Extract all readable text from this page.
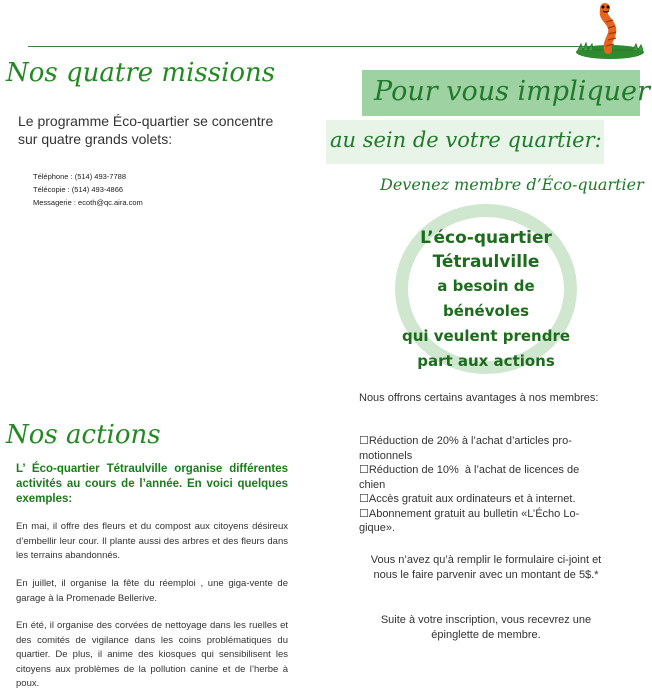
Nos quatre missions
Le programme Éco-quartier se concentre sur quatre grands volets:
Téléphone : (514) 493-7788
Télécopie : (514) 493-4866
Messagerie : ecoth@qc.aira.com
Nos actions
L’ Éco-quartier Tétraulville organise différentes activités au cours de l’année. En voici quelques exemples:
En mai, il offre des fleurs et du compost aux citoyens désireux d’embellir leur cour. Il plante aussi des arbres et des fleurs dans les terrains abandonnés.
En juillet, il organise la fête du réemploi , une giga-vente de garage à la Promenade Bellerive.
En été, il organise des corvées de nettoyage dans les ruelles et des comités de vigilance dans les coins problématiques du quartier. De plus, il anime des kiosques qui sensibilisent les citoyens aux problèmes de la pollution canine et de l’herbe à poux.
Pour vous impliquer
au sein de votre quartier:
Devenez membre d’Éco-quartier
L’éco-quartier
Tétraulville
a besoin de bénévoles
qui veulent prendre
part aux actions
Nous offrons certains avantages à nos membres:
☐Réduction de 20% à l’achat d’articles pro-
motionnels
☐Réduction de 10%  à l’achat de licences de
chien
☐Accès gratuit aux ordinateurs et à internet.
☐Abonnement gratuit au bulletin «L’Écho Lo-
gique».
Vous n’avez qu’à remplir le formulaire ci-joint et nous le faire parvenir avec un montant de 5$.*
Suite à votre inscription, vous recevrez une épinglette de membre.
